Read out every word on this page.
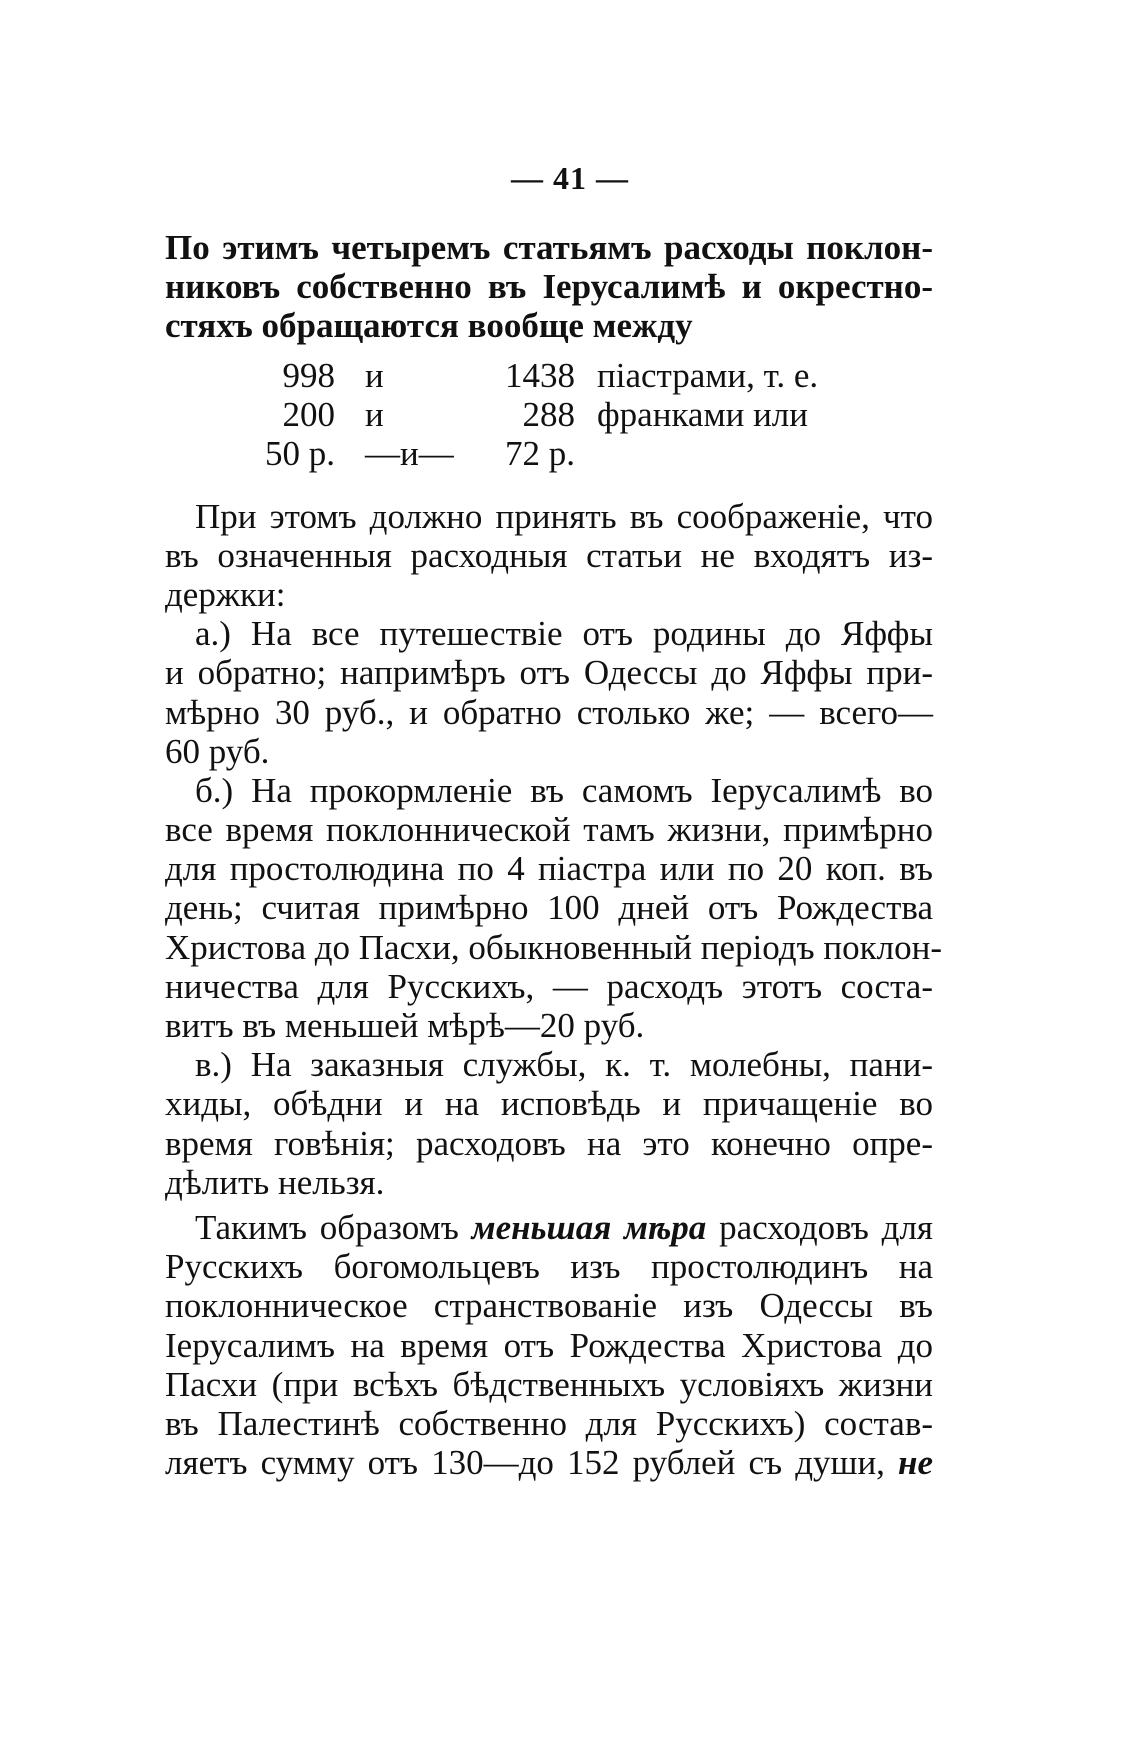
— 41 —
По этимъ четыремъ статьямъ расходы поклон-
никовъ собственно въ Іерусалимѣ и окрестно-
стяхъ обращаются вообще между
998 и	1438 піастрами, т. е.
200 и	288 франками или
50 р. —и— 72 р.
При этомъ должно принять въ соображеніе, что
въ означенныя расходныя статьи не входятъ из-
держки:
а.) На все путешествіе отъ родины до Яффы
и обратно; напримѣръ отъ Одессы до Яффы при-
мѣрно 30 руб., и обратно столько же; — всего—
60 руб.
б.) На прокормленіе въ самомъ Іерусалимѣ во
все время поклонничеcкой тамъ жизни, примѣрно
для простолюдина по 4 піастра или по 20 коп. въ
день; считая примѣрно 100 дней отъ Рождества
Христова до Пасхи, обыкновенный періодъ поклон-
ничества для Русскихъ, — расходъ этотъ соста-
витъ въ меньшей мѣрѣ—20 руб.
в.) На заказныя службы, к. т. молебны, пани-
хиды, обѣдни и на исповѣдь и причащеніе во
время говѣнія; расходовъ на это конечно опре-
дѣлить нельзя.
Такимъ образомъ меньшая мѣра расходовъ для
Русскихъ богомольцевъ изъ простолюдинъ на
поклонническое странствованіе изъ Одессы въ
Іерусалимъ на время отъ Рождества Христова до
Пасхи (при всѣхъ бѣдственныхъ условіяхъ жизни
въ Палестинѣ собственно для Русскихъ) состав-
ляетъ сумму отъ 130—до 152 рублей съ души, не
